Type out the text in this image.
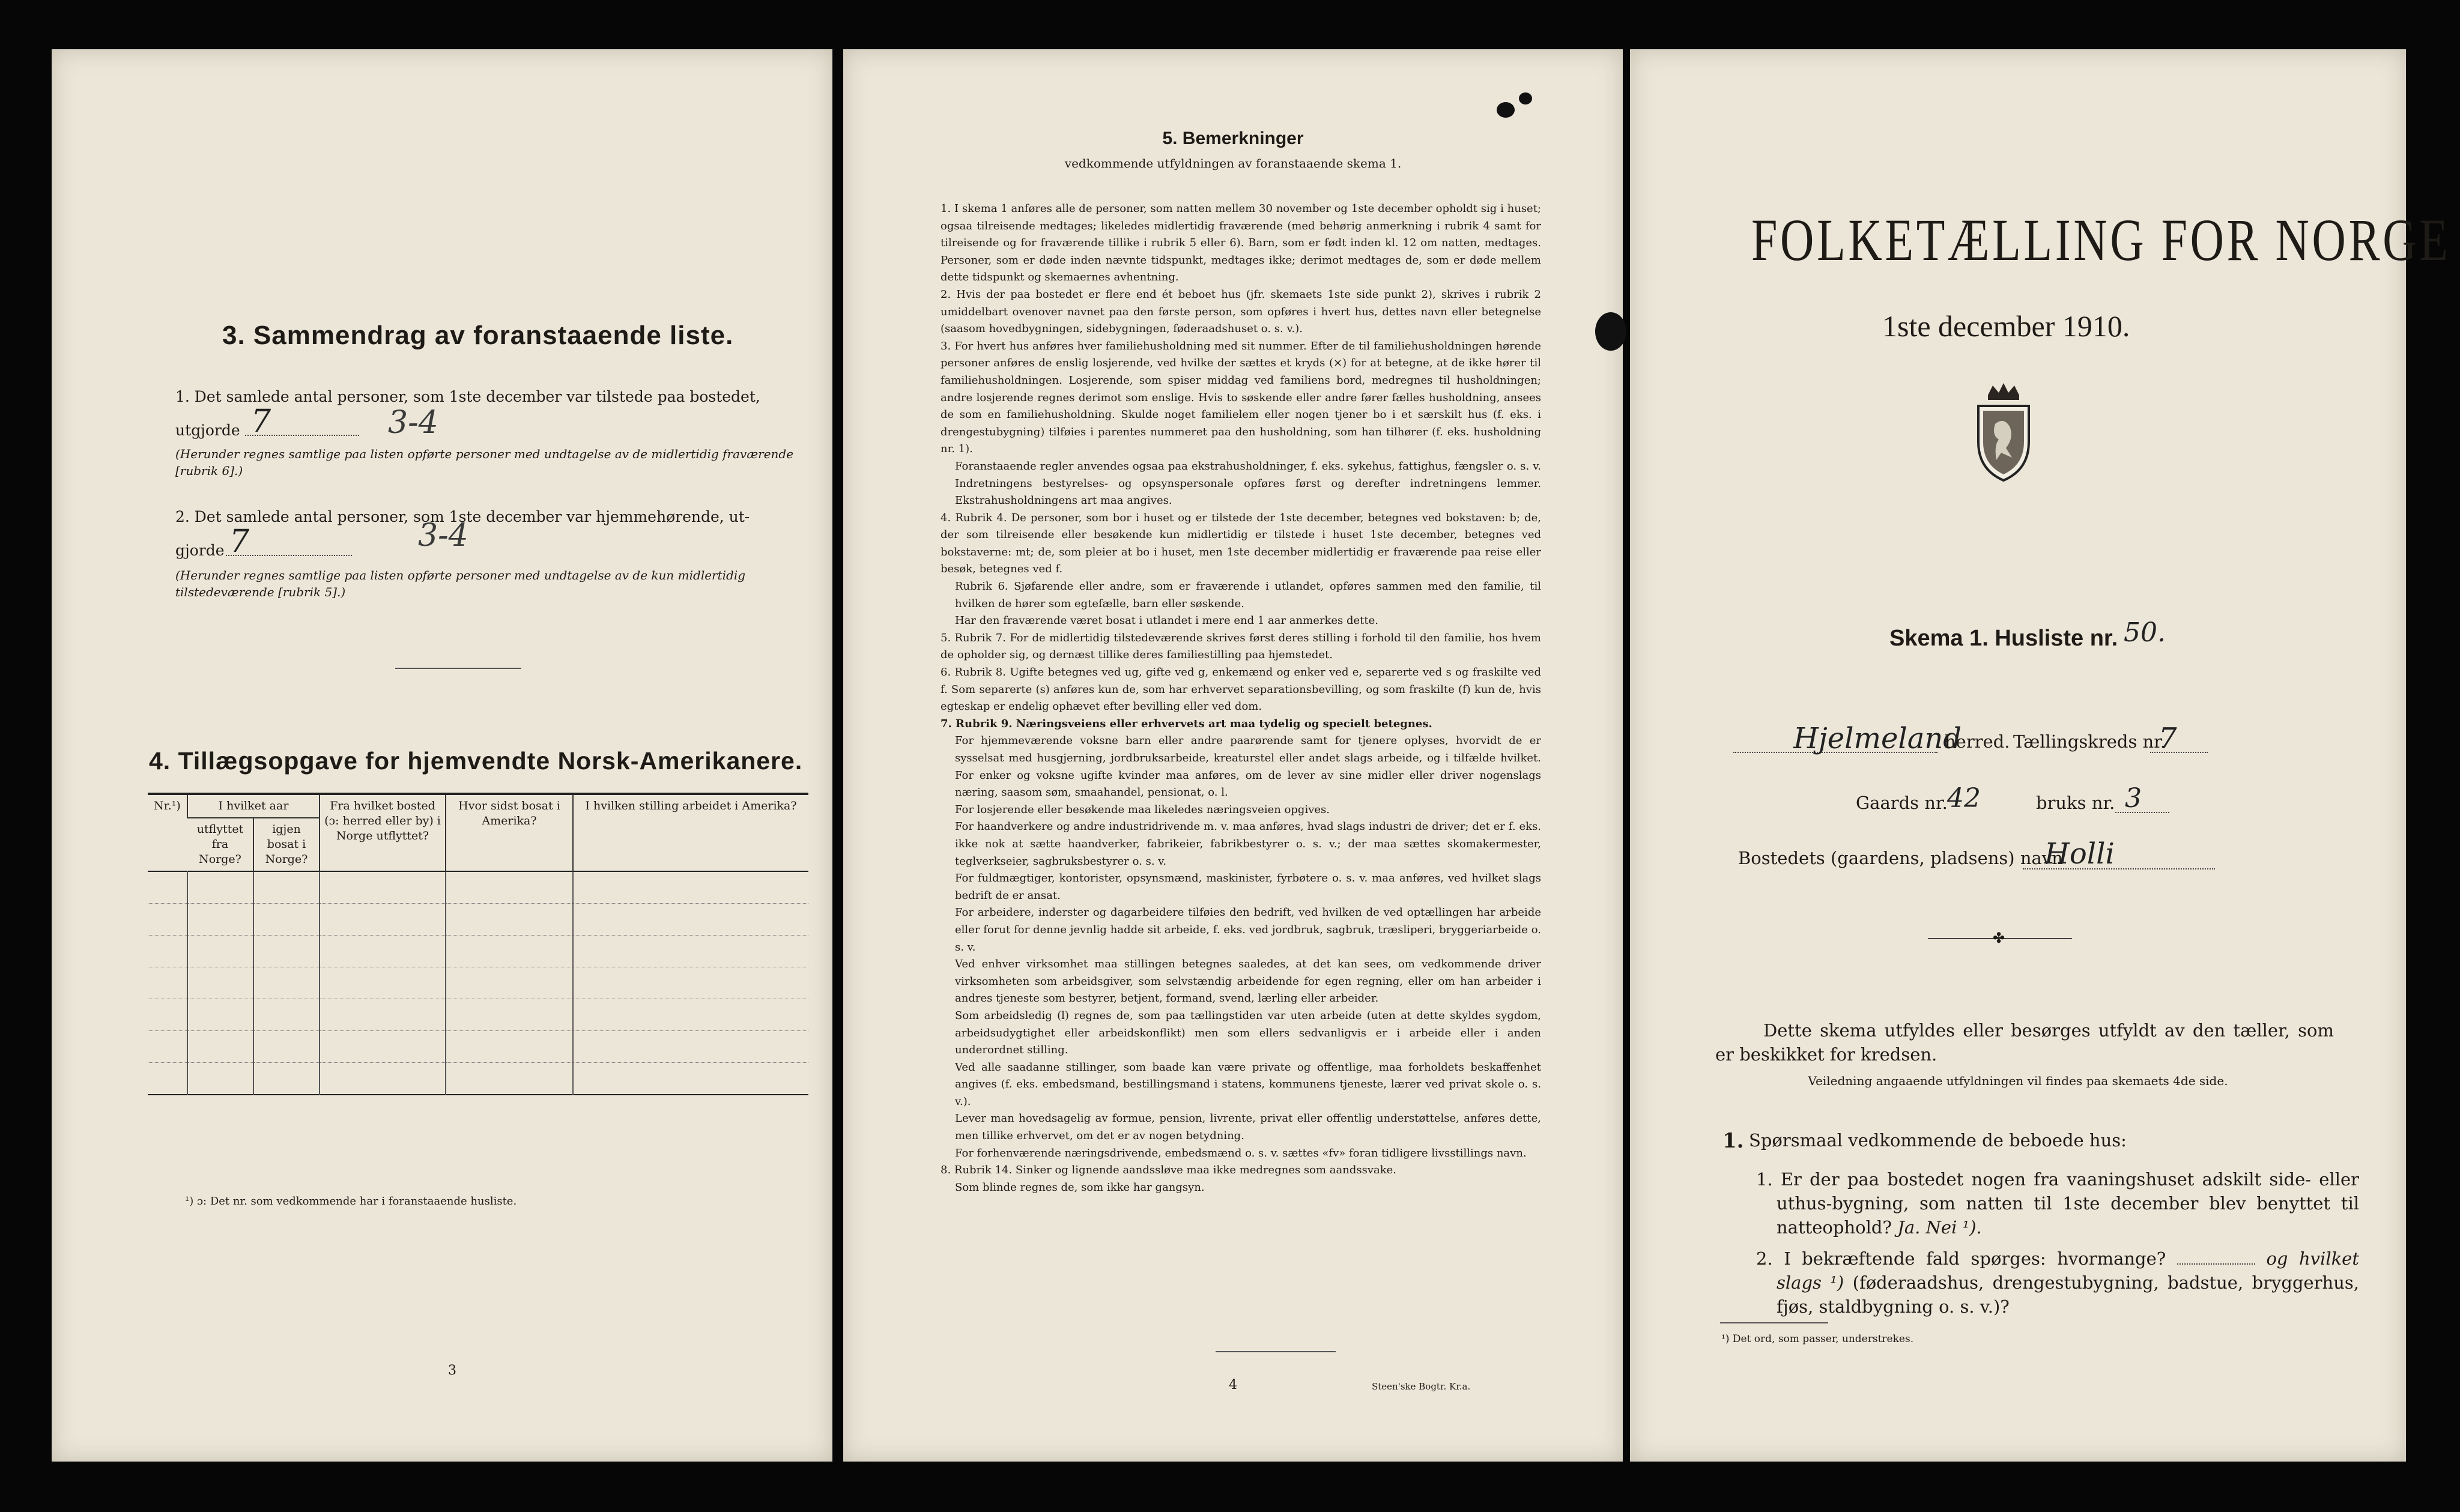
3. Sammendrag av foranstaaende liste.
1. Det samlede antal personer, som 1ste december var tilstede paa bostedet,
utgjorde 7	3-4
(Herunder regnes samtlige paa listen opførte personer med undtagelse av de midlertidig fraværende [rubrik 6].)
2. Det samlede antal personer, som 1ste december var hjemmehørende, ut-
gjorde 7	3-4
(Herunder regnes samtlige paa listen opførte personer med undtagelse av de kun midlertidig tilstedeværende [rubrik 5].)
4. Tillægsopgave for hjemvendte Norsk-Amerikanere.
Nr.¹)	I hvilket aar		Fra hvilket bosted (ɔ: herred eller by) i Norge utflyttet?	Hvor sidst bosat i Amerika?	I hvilken stilling arbeidet i Amerika?
	utflyttet fra Norge?	igjen bosat i Norge?			

¹) ɔ: Det nr. som vedkommende har i foranstaaende husliste.
3
5. Bemerkninger
vedkommende utfyldningen av foranstaaende skema 1.

1. I skema 1 anføres alle de personer, som natten mellem 30 november og 1ste december opholdt sig i huset; ogsaa tilreisende medtages; likeledes midlertidig fraværende (med behørig anmerkning i rubrik 4 samt for tilreisende og for fraværende tillike i rubrik 5 eller 6). Barn, som er født inden kl. 12 om natten, medtages. Personer, som er døde inden nævnte tidspunkt, medtages ikke; derimot medtages de, som er døde mellem dette tidspunkt og skemaernes avhentning.

2. Hvis der paa bostedet er flere end ét beboet hus (jfr. skemaets 1ste side punkt 2), skrives i rubrik 2 umiddelbart ovenover navnet paa den første person, som opføres i hvert hus, dettes navn eller betegnelse (saasom hovedbygningen, sidebygningen, føderaadshuset o. s. v.).

3. For hvert hus anføres hver familiehusholdning med sit nummer. Efter de til familiehusholdningen hørende personer anføres de enslig losjerende, ved hvilke der sættes et kryds (×) for at betegne, at de ikke hører til familiehusholdningen. Losjerende, som spiser middag ved familiens bord, medregnes til husholdningen; andre losjerende regnes derimot som enslige. Hvis to søskende eller andre fører fælles husholdning, ansees de som en familiehusholdning. Skulde noget familielem eller nogen tjener bo i et særskilt hus (f. eks. i drengestubygning) tilføies i parentes nummeret paa den husholdning, som han tilhører (f. eks. husholdning nr. 1).

Foranstaaende regler anvendes ogsaa paa ekstrahusholdninger, f. eks. sykehus, fattighus, fængsler o. s. v. Indretningens bestyrelses- og opsynspersonale opføres først og derefter indretningens lemmer. Ekstrahusholdningens art maa angives.

4. Rubrik 4. De personer, som bor i huset og er tilstede der 1ste december, betegnes ved bokstaven: b; de, der som tilreisende eller besøkende kun midlertidig er tilstede i huset 1ste december, betegnes ved bokstaverne: mt; de, som pleier at bo i huset, men 1ste december midlertidig er fraværende paa reise eller besøk, betegnes ved f.

Rubrik 6. Sjøfarende eller andre, som er fraværende i utlandet, opføres sammen med den familie, til hvilken de hører som egtefælle, barn eller søskende.

Har den fraværende været bosat i utlandet i mere end 1 aar anmerkes dette.

5. Rubrik 7. For de midlertidig tilstedeværende skrives først deres stilling i forhold til den familie, hos hvem de opholder sig, og dernæst tillike deres familiestilling paa hjemstedet.

6. Rubrik 8. Ugifte betegnes ved ug, gifte ved g, enkemænd og enker ved e, separerte ved s og fraskilte ved f. Som separerte (s) anføres kun de, som har erhvervet separationsbevilling, og som fraskilte (f) kun de, hvis egteskap er endelig ophævet efter bevilling eller ved dom.

7. Rubrik 9. Næringsveiens eller erhvervets art maa tydelig og specielt betegnes.

For hjemmeværende voksne barn eller andre paarørende samt for tjenere oplyses, hvorvidt de er sysselsat med husgjerning, jordbruksarbeide, kreaturstel eller andet slags arbeide, og i tilfælde hvilket. For enker og voksne ugifte kvinder maa anføres, om de lever av sine midler eller driver nogenslags næring, saasom søm, smaahandel, pensionat, o. l.

For losjerende eller besøkende maa likeledes næringsveien opgives.

For haandverkere og andre industridrivende m. v. maa anføres, hvad slags industri de driver; det er f. eks. ikke nok at sætte haandverker, fabrikeier, fabrikbestyrer o. s. v.; der maa sættes skomakermester, teglverkseier, sagbruksbestyrer o. s. v.

For fuldmægtiger, kontorister, opsynsmænd, maskinister, fyrbøtere o. s. v. maa anføres, ved hvilket slags bedrift de er ansat.

For arbeidere, inderster og dagarbeidere tilføies den bedrift, ved hvilken de ved optællingen har arbeide eller forut for denne jevnlig hadde sit arbeide, f. eks. ved jordbruk, sagbruk, træsliperi, bryggeriarbeide o. s. v.

Ved enhver virksomhet maa stillingen betegnes saaledes, at det kan sees, om vedkommende driver virksomheten som arbeidsgiver, som selvstændig arbeidende for egen regning, eller om han arbeider i andres tjeneste som bestyrer, betjent, formand, svend, lærling eller arbeider.

Som arbeidsledig (l) regnes de, som paa tællingstiden var uten arbeide (uten at dette skyldes sygdom, arbeidsudygtighet eller arbeidskonflikt) men som ellers sedvanligvis er i arbeide eller i anden underordnet stilling.

Ved alle saadanne stillinger, som baade kan være private og offentlige, maa forholdets beskaffenhet angives (f. eks. embedsmand, bestillingsmand i statens, kommunens tjeneste, lærer ved privat skole o. s. v.).

Lever man hovedsagelig av formue, pension, livrente, privat eller offentlig understøttelse, anføres dette, men tillike erhvervet, om det er av nogen betydning.

For forhenværende næringsdrivende, embedsmænd o. s. v. sættes «fv» foran tidligere livsstillings navn.

8. Rubrik 14. Sinker og lignende aandssløve maa ikke medregnes som aandssvake.

Som blinde regnes de, som ikke har gangsyn.

4	Steen'ske Bogtr. Kr.a.
FOLKETÆLLING FOR NORGE
1ste december 1910.
Skema 1. Husliste nr. 50.
Hjelmeland
herred. Tællingskreds nr.
7
Gaards nr. 42	bruks nr. 3
Bostedets (gaardens, pladsens) navn
Holli
✤
Dette skema utfyldes eller besørges utfyldt av den tæller, som er beskikket for kredsen.
Veiledning angaaende utfyldningen vil findes paa skemaets 4de side.
1. Spørsmaal vedkommende de beboede hus:
1. Er der paa bostedet nogen fra vaaningshuset adskilt side- eller uthus-bygning, som natten til 1ste december blev benyttet til natteophold? Ja. Nei ¹).
2. I bekræftende fald spørges: hvormange?	og hvilket slags ¹) (føderaadshus, drengestubygning, badstue, bryggerhus, fjøs, staldbygning o. s. v.)?
¹) Det ord, som passer, understrekes.
